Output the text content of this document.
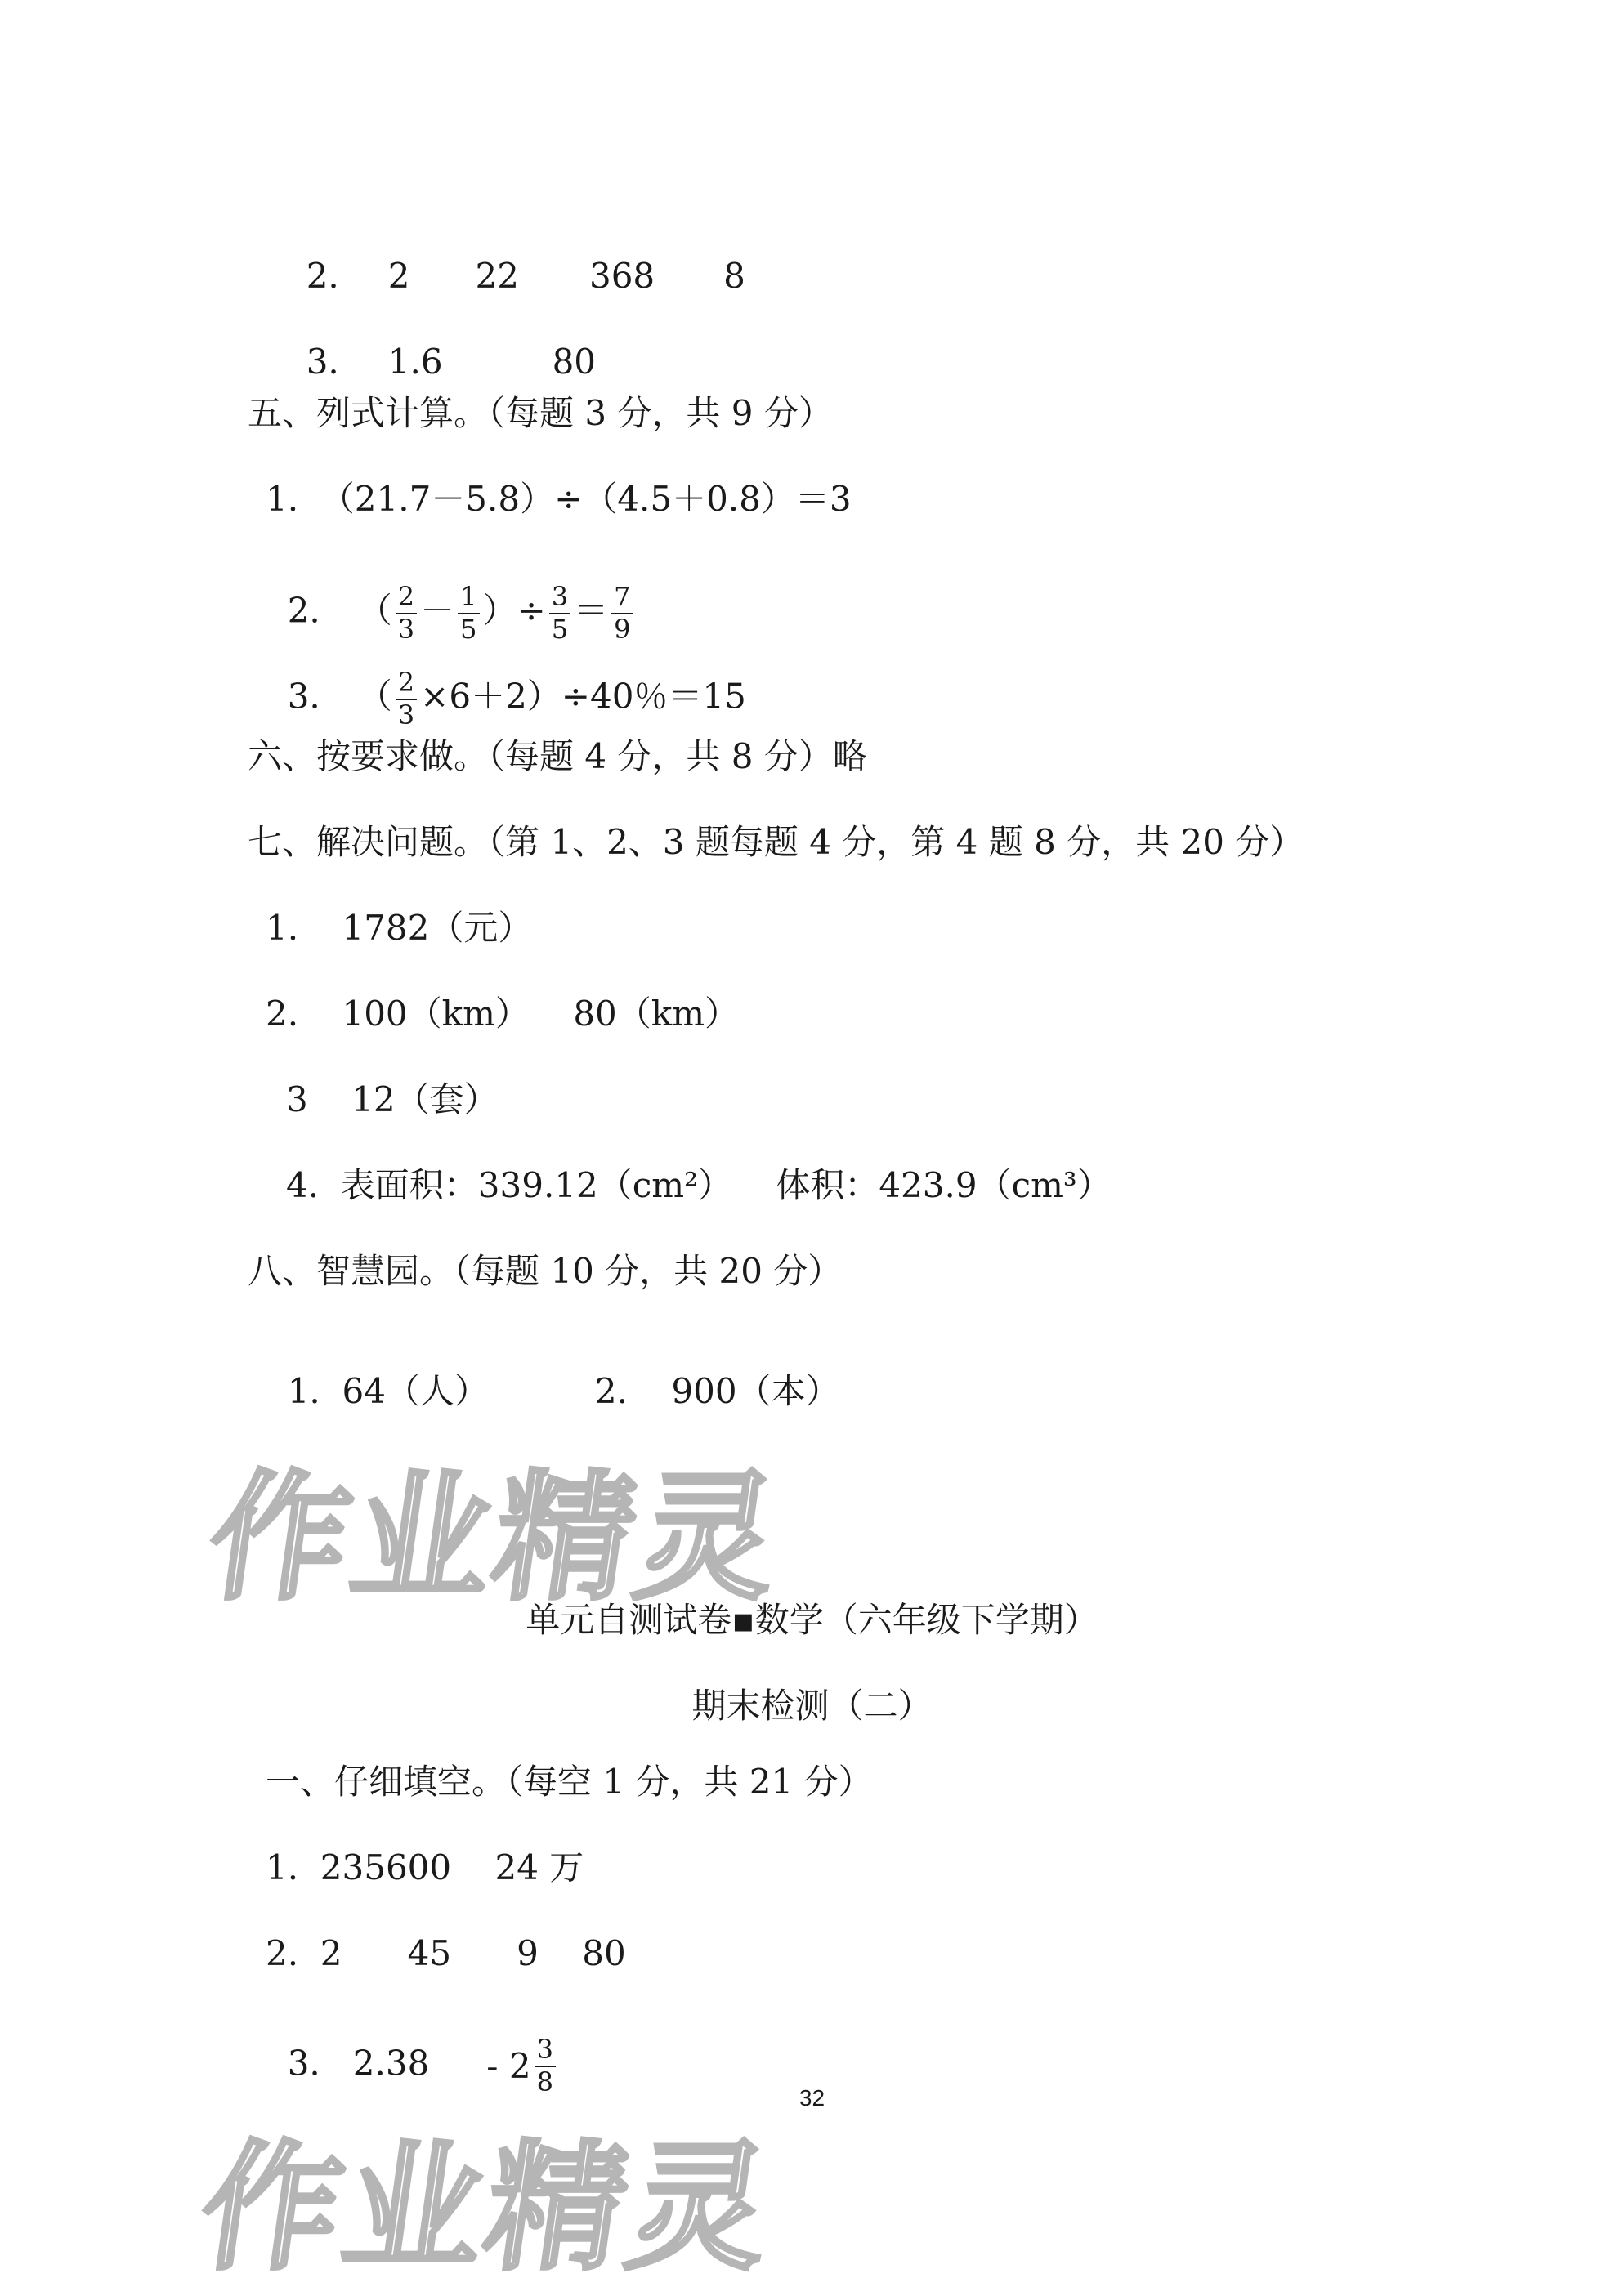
2. 2 22 368 8

3. 1.6	80

五、列式计算。（每题 3 分，共 9 分）
1.  （21.7－5.8）÷（4.5＋0.8）＝3

2. （ $\frac{2}{3} - \frac{1}{5}$ ）÷ $\frac{3}{5} = \frac{7}{9}$

3. （ $\frac{2}{3} \times 6+2)\div 40$％＝15

六、按要求做。（每题 4 分，共 8 分）略
七、解决问题。（第 1、2、3 题每题 4 分，第 4 题 8 分，共 20 分）
1.    1782（元）
2.    100（km）    80（km）
3    12（套）
4.  表面积：339.12（cm²）    体积：423.9（cm³）
八、智慧园。（每题 10 分，共 20 分）

1.  64（人）	2.    900（本）

作业精灵
单元自测试卷▪数学（六年级下学期）
期末检测（二）
一、仔细填空。（每空 1 分，共 21 分）
1.  235600    24 万
2.  2      45      9    80

3. $2.38 - 2 \frac{3}{8}$

32
作业精灵
